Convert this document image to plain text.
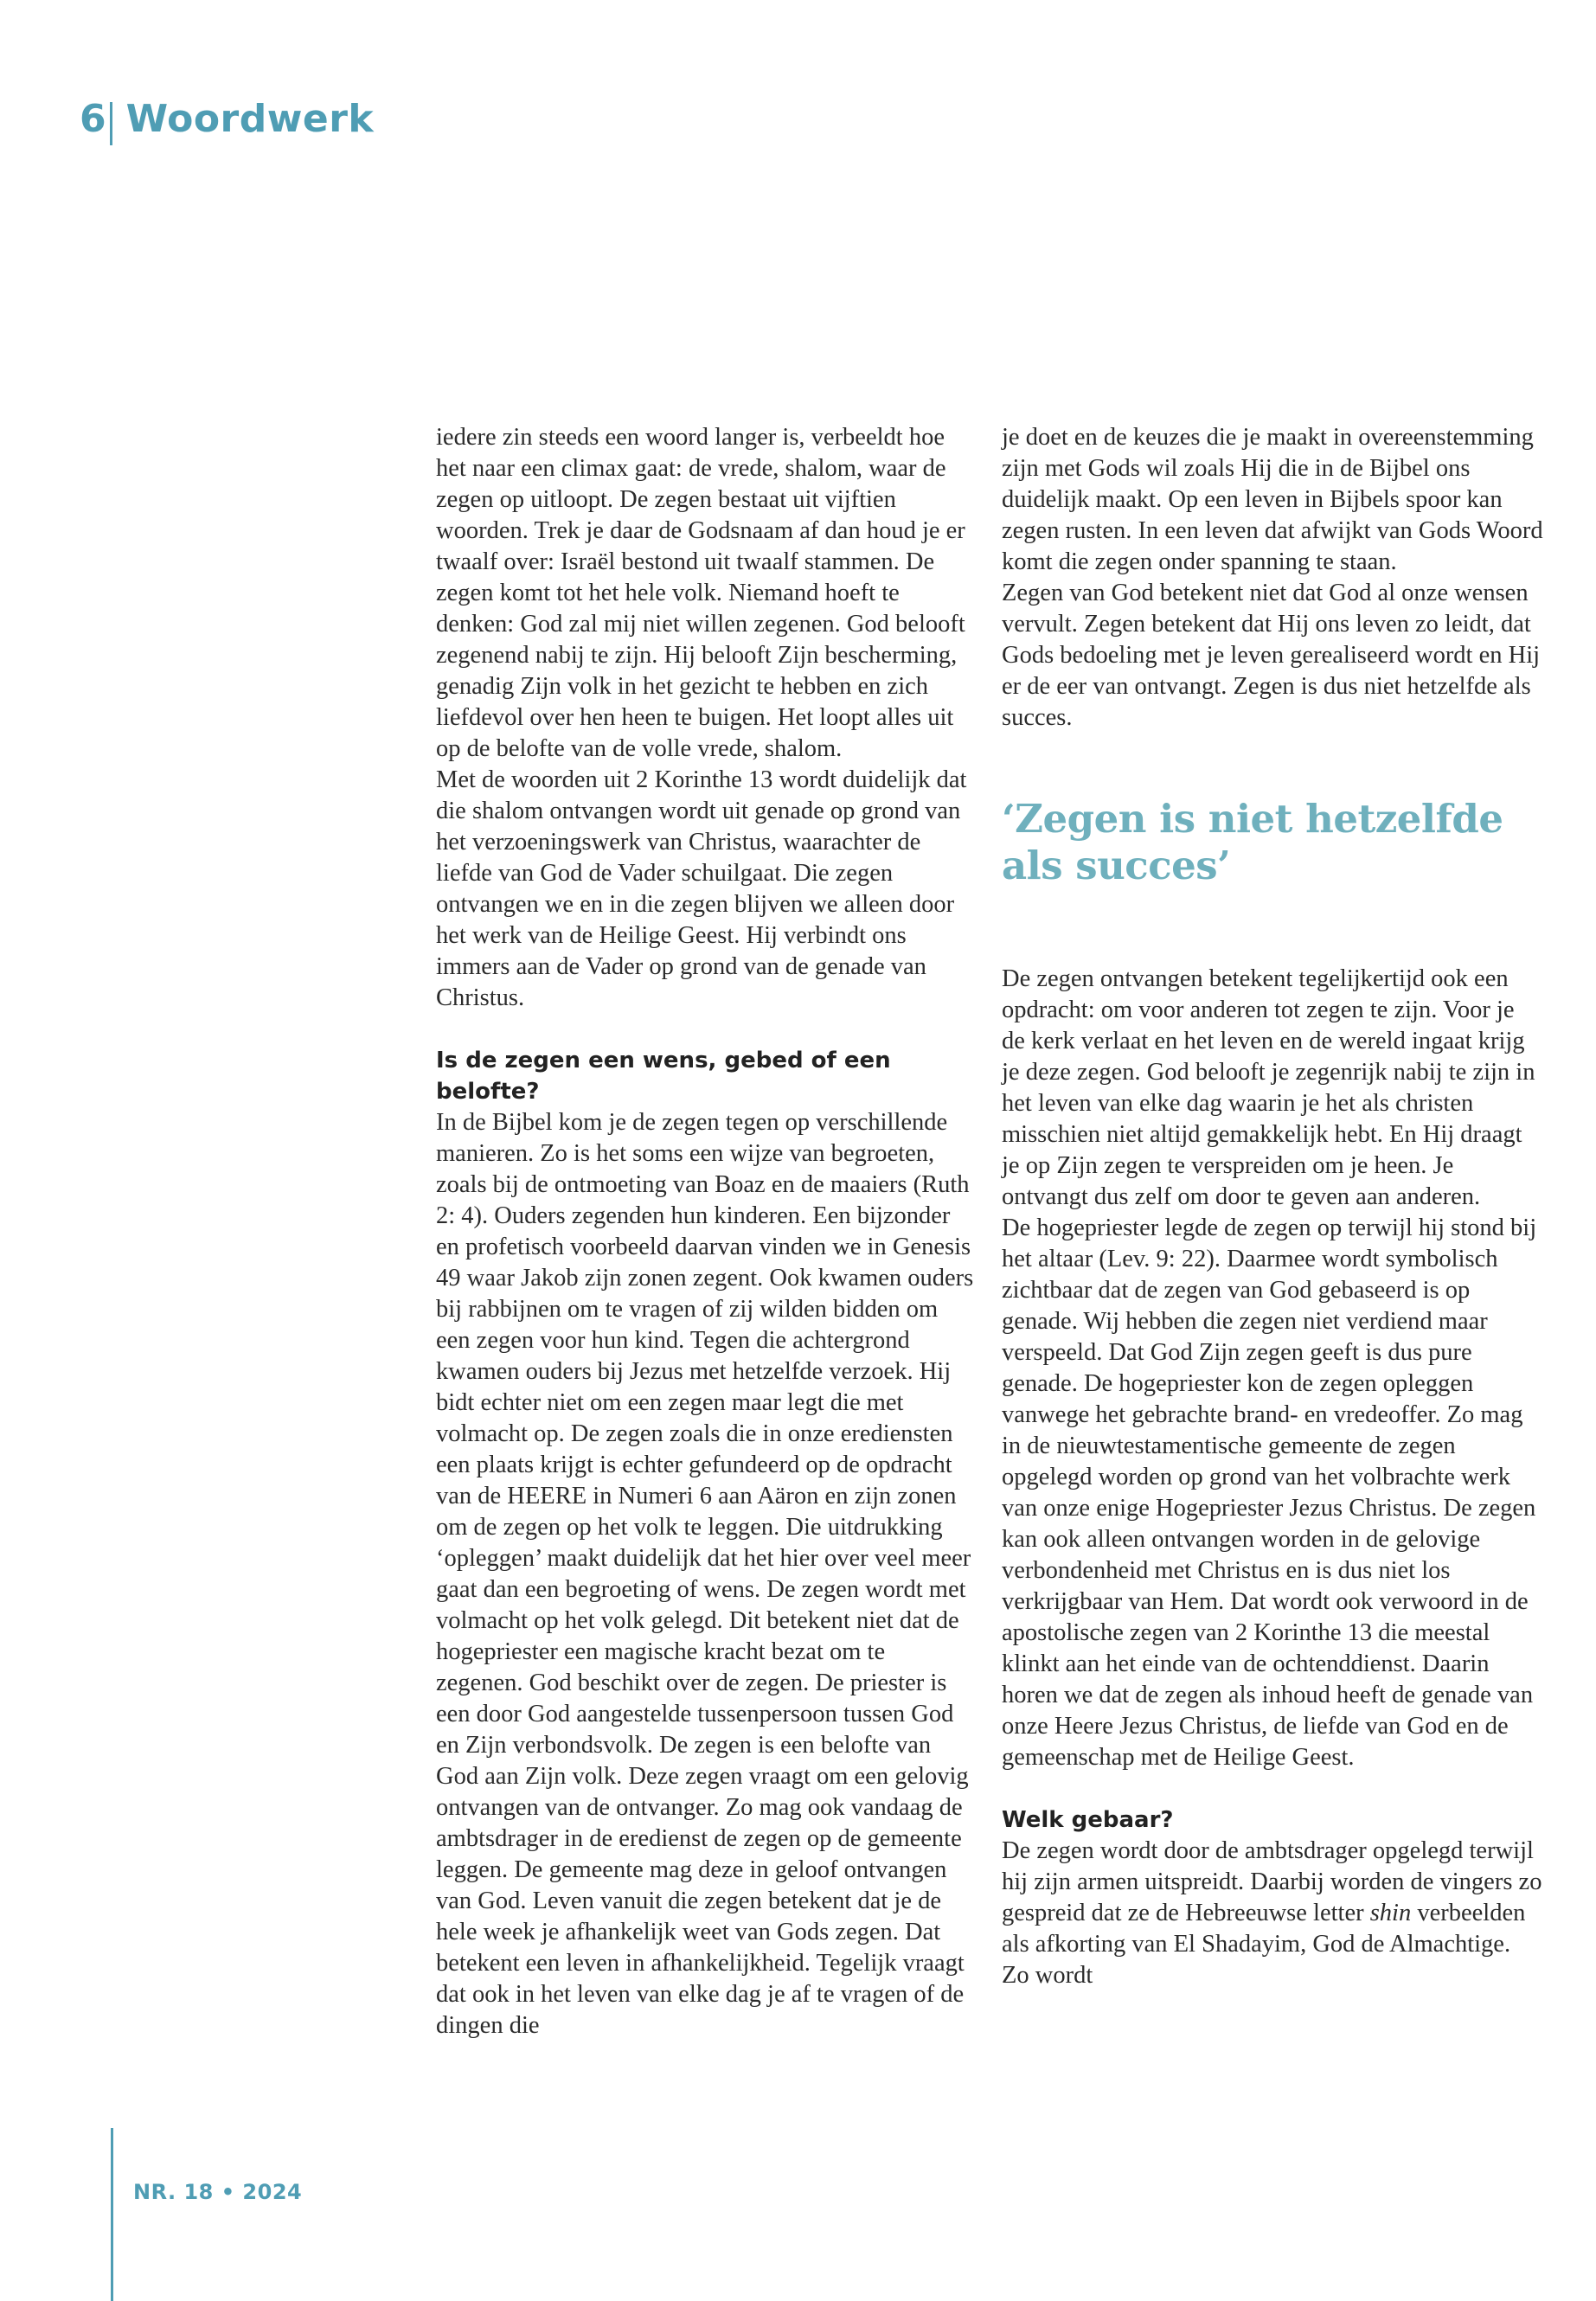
6 Woordwerk

iedere zin steeds een woord langer is, verbeeldt hoe het naar een climax gaat: de vrede, shalom, waar de zegen op uitloopt. De zegen bestaat uit vijftien woorden. Trek je daar de Godsnaam af dan houd je er twaalf over: Israël bestond uit twaalf stammen. De zegen komt tot het hele volk. Niemand hoeft te denken: God zal mij niet willen zegenen. God belooft zegenend nabij te zijn. Hij belooft Zijn bescherming, genadig Zijn volk in het gezicht te hebben en zich liefdevol over hen heen te buigen. Het loopt alles uit op de belofte van de volle vrede, shalom.

Met de woorden uit 2 Korinthe 13 wordt duidelijk dat die shalom ontvangen wordt uit genade op grond van het verzoeningswerk van Christus, waarachter de liefde van God de Vader schuilgaat. Die zegen ontvangen we en in die zegen blijven we alleen door het werk van de Heilige Geest. Hij verbindt ons immers aan de Vader op grond van de genade van Christus.

Is de zegen een wens, gebed of een belofte?

In de Bijbel kom je de zegen tegen op verschillende manieren. Zo is het soms een wijze van begroeten, zoals bij de ontmoeting van Boaz en de maaiers (Ruth 2: 4). Ouders zegenden hun kinderen. Een bijzonder en profetisch voorbeeld daarvan vinden we in Genesis 49 waar Jakob zijn zonen zegent. Ook kwamen ouders bij rabbijnen om te vragen of zij wilden bidden om een zegen voor hun kind. Tegen die achtergrond kwamen ouders bij Jezus met hetzelfde verzoek. Hij bidt echter niet om een zegen maar legt die met volmacht op. De zegen zoals die in onze erediensten een plaats krijgt is echter gefundeerd op de opdracht van de HEERE in Numeri 6 aan Aäron en zijn zonen om de zegen op het volk te leggen. Die uitdrukking ‘opleggen’ maakt duidelijk dat het hier over veel meer gaat dan een begroeting of wens. De zegen wordt met volmacht op het volk gelegd. Dit betekent niet dat de hogepriester een magische kracht bezat om te zegenen. God beschikt over de zegen. De priester is een door God aangestelde tussenpersoon tussen God en Zijn verbondsvolk. De zegen is een belofte van God aan Zijn volk. Deze zegen vraagt om een gelovig ontvangen van de ontvanger. Zo mag ook vandaag de ambtsdrager in de eredienst de zegen op de gemeente leggen. De gemeente mag deze in geloof ontvangen van God. Leven vanuit die zegen betekent dat je de hele week je afhankelijk weet van Gods zegen. Dat betekent een leven in afhankelijkheid. Tegelijk vraagt dat ook in het leven van elke dag je af te vragen of de dingen die

je doet en de keuzes die je maakt in overeenstemming zijn met Gods wil zoals Hij die in de Bijbel ons duidelijk maakt. Op een leven in Bijbels spoor kan zegen rusten. In een leven dat afwijkt van Gods Woord komt die zegen onder spanning te staan.

Zegen van God betekent niet dat God al onze wensen vervult. Zegen betekent dat Hij ons leven zo leidt, dat Gods bedoeling met je leven gerealiseerd wordt en Hij er de eer van ontvangt. Zegen is dus niet hetzelfde als succes.

‘Zegen is niet hetzelfde als succes’

De zegen ontvangen betekent tegelijkertijd ook een opdracht: om voor anderen tot zegen te zijn. Voor je de kerk verlaat en het leven en de wereld ingaat krijg je deze zegen. God belooft je zegenrijk nabij te zijn in het leven van elke dag waarin je het als christen misschien niet altijd gemakkelijk hebt. En Hij draagt je op Zijn zegen te verspreiden om je heen. Je ontvangt dus zelf om door te geven aan anderen.

De hogepriester legde de zegen op terwijl hij stond bij het altaar (Lev. 9: 22). Daarmee wordt symbolisch zichtbaar dat de zegen van God gebaseerd is op genade. Wij hebben die zegen niet verdiend maar verspeeld. Dat God Zijn zegen geeft is dus pure genade. De hogepriester kon de zegen opleggen vanwege het gebrachte brand- en vredeoffer. Zo mag in de nieuwtestamentische gemeente de zegen opgelegd worden op grond van het volbrachte werk van onze enige Hogepriester Jezus Christus. De zegen kan ook alleen ontvangen worden in de gelovige verbondenheid met Christus en is dus niet los verkrijgbaar van Hem. Dat wordt ook verwoord in de apostolische zegen van 2 Korinthe 13 die meestal klinkt aan het einde van de ochtenddienst. Daarin horen we dat de zegen als inhoud heeft de genade van onze Heere Jezus Christus, de liefde van God en de gemeenschap met de Heilige Geest.

Welk gebaar?

De zegen wordt door de ambtsdrager opgelegd terwijl hij zijn armen uitspreidt. Daarbij worden de vingers zo gespreid dat ze de Hebreeuwse letter shin verbeelden als afkorting van El Shadayim, God de Almachtige. Zo wordt

NR. 18 • 2024
